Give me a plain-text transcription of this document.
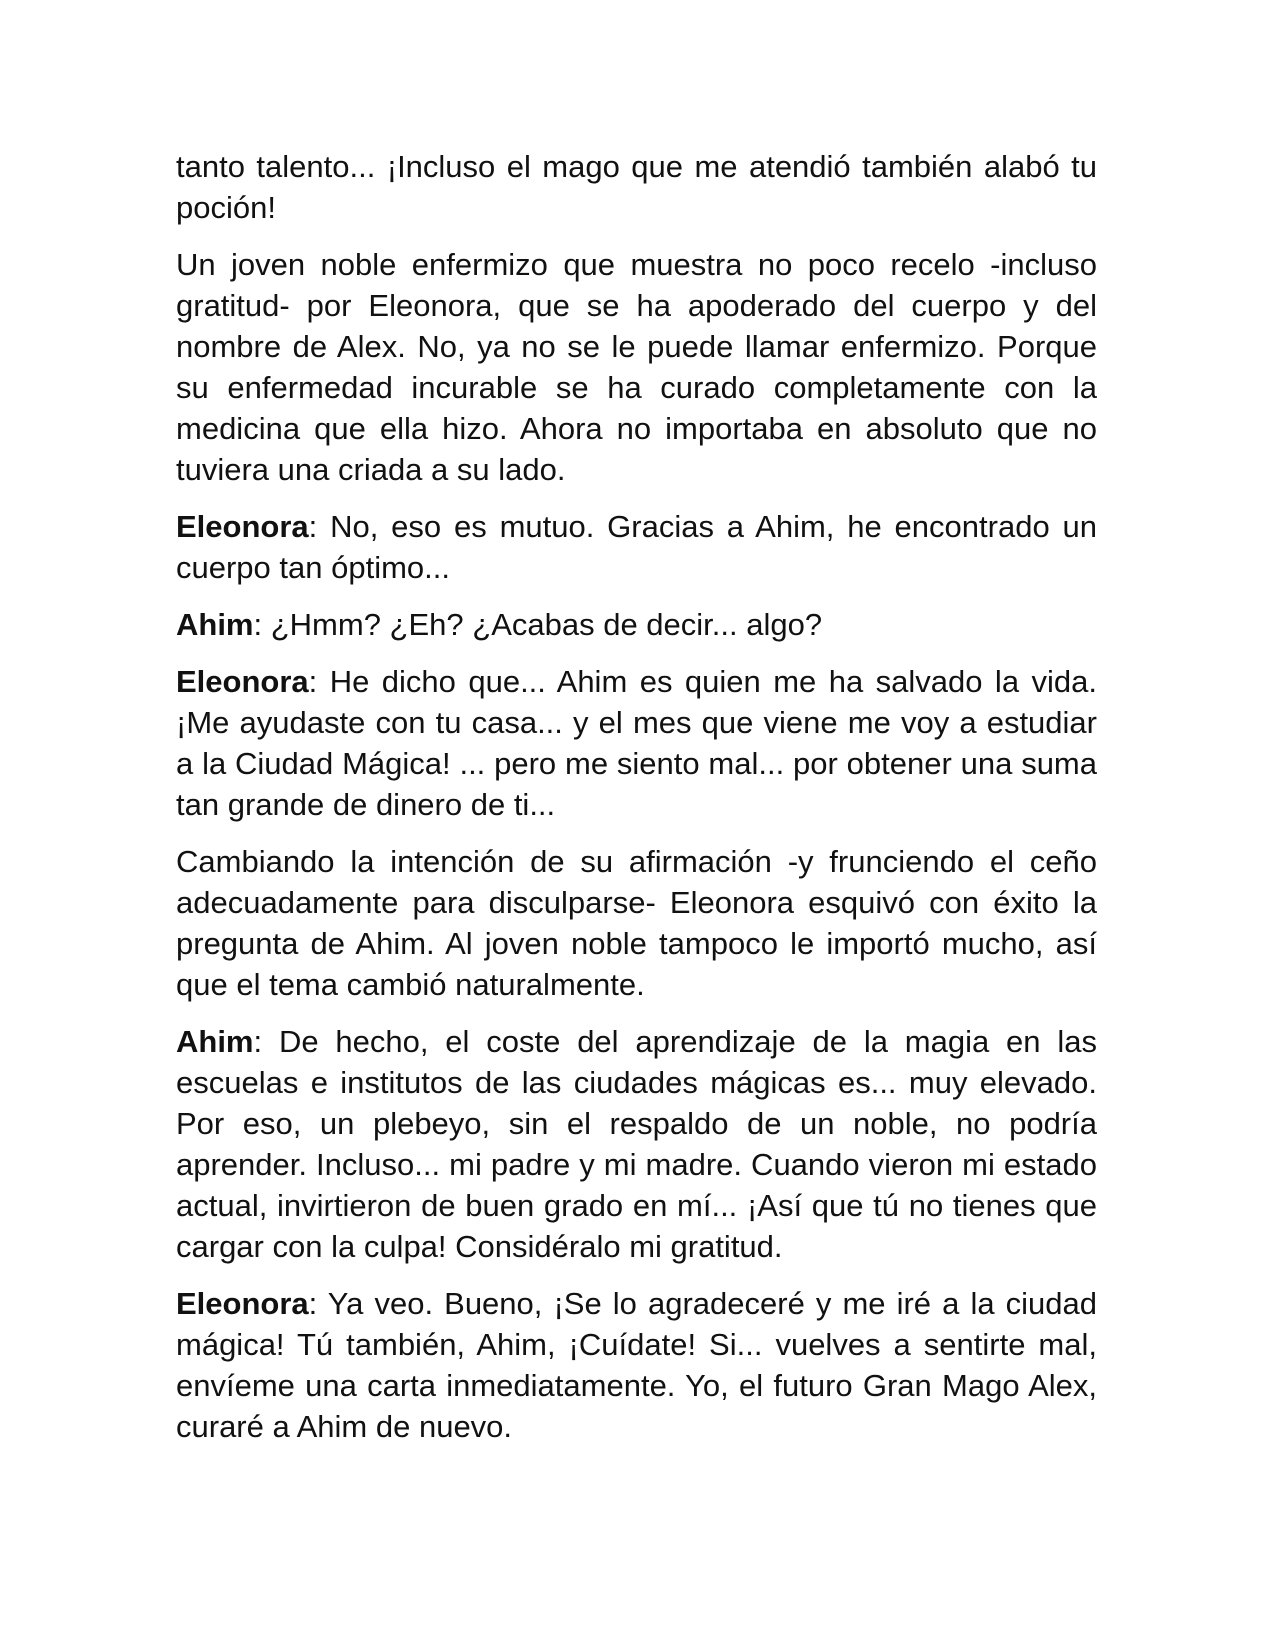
tanto talento... ¡Incluso el mago que me atendió también alabó tu poción!

Un joven noble enfermizo que muestra no poco recelo -incluso gratitud- por Eleonora, que se ha apoderado del cuerpo y del nombre de Alex. No, ya no se le puede llamar enfermizo. Porque su enfermedad incurable se ha curado completamente con la medicina que ella hizo. Ahora no importaba en absoluto que no tuviera una criada a su lado.

Eleonora: No, eso es mutuo. Gracias a Ahim, he encontrado un cuerpo tan óptimo...

Ahim: ¿Hmm? ¿Eh? ¿Acabas de decir... algo?

Eleonora: He dicho que... Ahim es quien me ha salvado la vida. ¡Me ayudaste con tu casa... y el mes que viene me voy a estudiar a la Ciudad Mágica! ... pero me siento mal... por obtener una suma tan grande de dinero de ti...

Cambiando la intención de su afirmación -y frunciendo el ceño adecuadamente para disculparse- Eleonora esquivó con éxito la pregunta de Ahim. Al joven noble tampoco le importó mucho, así que el tema cambió naturalmente.

Ahim: De hecho, el coste del aprendizaje de la magia en las escuelas e institutos de las ciudades mágicas es... muy elevado. Por eso, un plebeyo, sin el respaldo de un noble, no podría aprender. Incluso... mi padre y mi madre. Cuando vieron mi estado actual, invirtieron de buen grado en mí... ¡Así que tú no tienes que cargar con la culpa! Considéralo mi gratitud.

Eleonora: Ya veo. Bueno, ¡Se lo agradeceré y me iré a la ciudad mágica! Tú también, Ahim, ¡Cuídate! Si... vuelves a sentirte mal, envíeme una carta inmediatamente. Yo, el futuro Gran Mago Alex, curaré a Ahim de nuevo.
